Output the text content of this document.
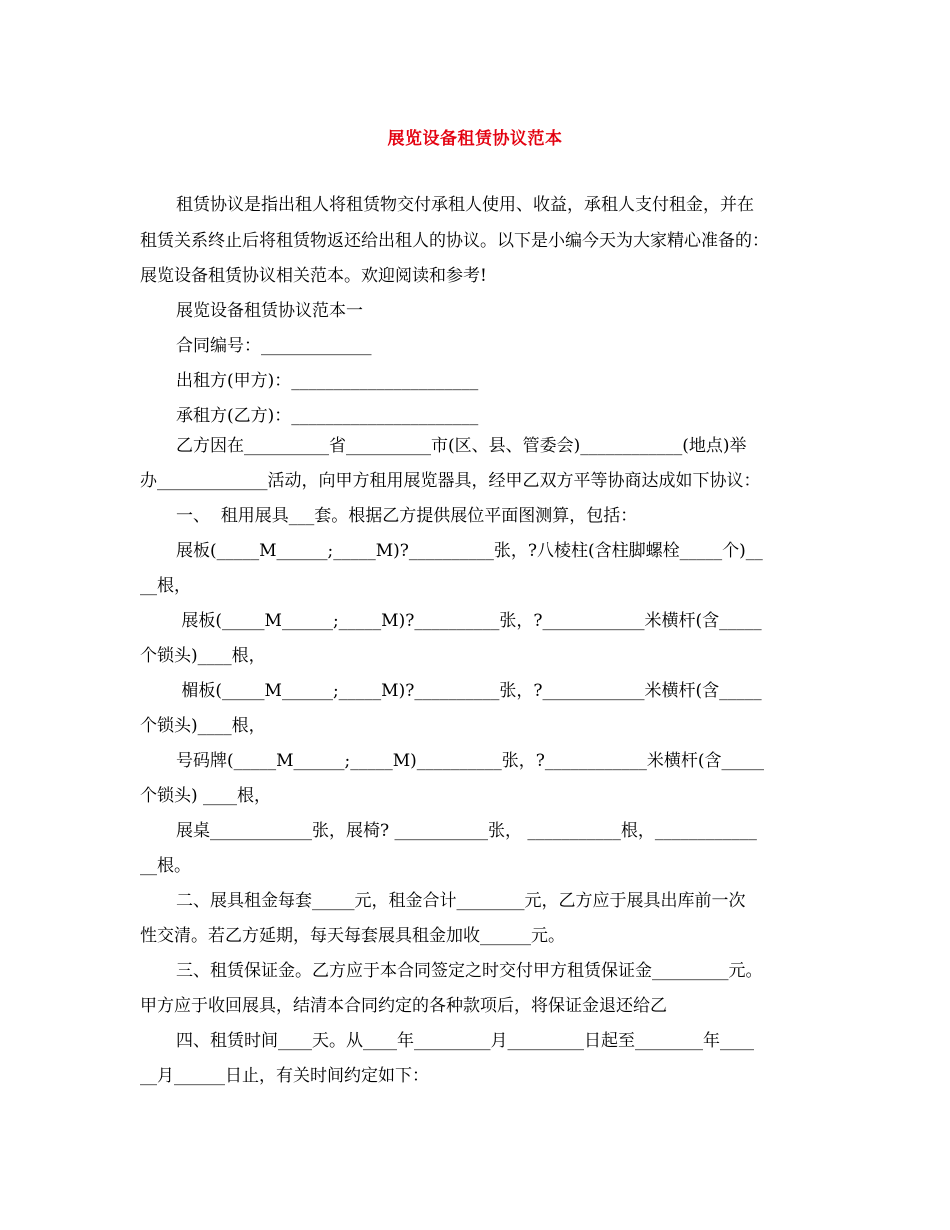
展览设备租赁协议范本
租赁协议是指出租人将租赁物交付承租人使用、收益，承租人支付租金，并在
租赁关系终止后将租赁物返还给出租人的协议。以下是小编今天为大家精心准备的：
展览设备租赁协议相关范本。欢迎阅读和参考!
展览设备租赁协议范本一
合同编号：_____________
出租方(甲方)：______________________
承租方(乙方)：______________________
乙方因在__________省__________市(区、县、管委会)____________(地点)举
办_____________活动，向甲方租用展览器具，经甲乙双方平等协商达成如下协议：
一、  租用展具___套。根据乙方提供展位平面图测算，包括：
展板(_____M______;_____M)?__________张，?八棱柱(含柱脚螺栓_____个)__
__根，
展板(_____M______;_____M)?__________张，?____________米横杆(含_____
个锁头)____根，
楣板(_____M______;_____M)?__________张，?____________米横杆(含_____
个锁头)____根，
号码牌(_____M______;_____M)__________张，?____________米横杆(含_____
个锁头) ____根，
展桌____________张，展椅? ___________张， ___________根，____________
__根。
二、展具租金每套_____元，租金合计________元，乙方应于展具出库前一次
性交清。若乙方延期，每天每套展具租金加收______元。
三、租赁保证金。乙方应于本合同签定之时交付甲方租赁保证金_________元。
甲方应于收回展具，结清本合同约定的各种款项后，将保证金退还给乙
四、租赁时间____天。从____年_________月_________日起至________年____
__月______日止，有关时间约定如下：
